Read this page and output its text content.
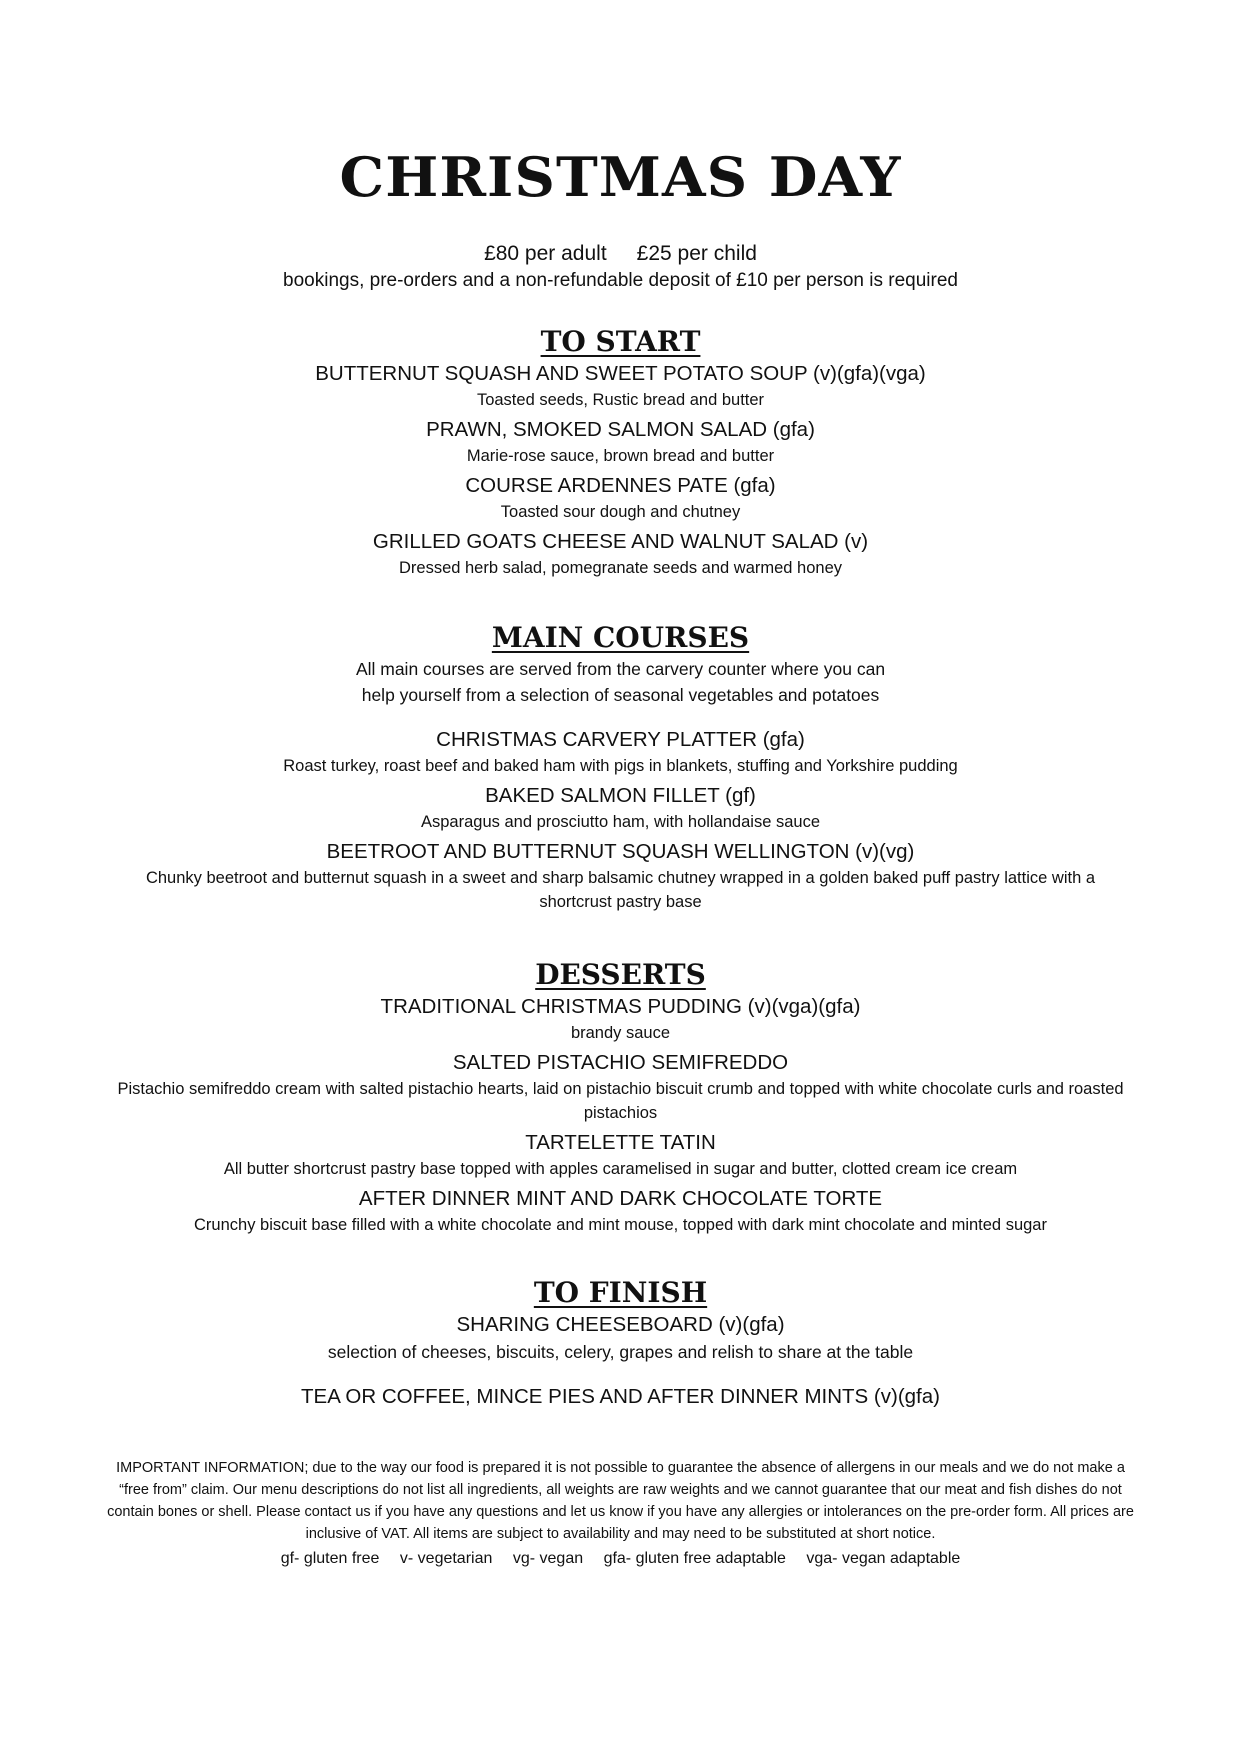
CHRISTMAS DAY
£80 per adult £25 per child
bookings, pre-orders and a non-refundable deposit of £10 per person is required
TO START

BUTTERNUT SQUASH AND SWEET POTATO SOUP (v)(gfa)(vga)

Toasted seeds, Rustic bread and butter

PRAWN, SMOKED SALMON SALAD (gfa)

Marie-rose sauce, brown bread and butter

COURSE ARDENNES PATE (gfa)

Toasted sour dough and chutney

GRILLED GOATS CHEESE AND WALNUT SALAD (v)

Dressed herb salad, pomegranate seeds and warmed honey

MAIN COURSES

All main courses are served from the carvery counter where you can

help yourself from a selection of seasonal vegetables and potatoes

CHRISTMAS CARVERY PLATTER (gfa)

Roast turkey, roast beef and baked ham with pigs in blankets, stuffing and Yorkshire pudding

BAKED SALMON FILLET (gf)

Asparagus and prosciutto ham, with hollandaise sauce

BEETROOT AND BUTTERNUT SQUASH WELLINGTON (v)(vg)

Chunky beetroot and butternut squash in a sweet and sharp balsamic chutney wrapped in a golden baked puff pastry lattice with a shortcrust pastry base

DESSERTS

TRADITIONAL CHRISTMAS PUDDING (v)(vga)(gfa)

brandy sauce

SALTED PISTACHIO SEMIFREDDO

Pistachio semifreddo cream with salted pistachio hearts, laid on pistachio biscuit crumb and topped with white chocolate curls and roasted pistachios

TARTELETTE TATIN

All butter shortcrust pastry base topped with apples caramelised in sugar and butter, clotted cream ice cream

AFTER DINNER MINT AND DARK CHOCOLATE TORTE

Crunchy biscuit base filled with a white chocolate and mint mouse, topped with dark mint chocolate and minted sugar

TO FINISH

SHARING CHEESEBOARD (v)(gfa)

selection of cheeses, biscuits, celery, grapes and relish to share at the table

TEA OR COFFEE, MINCE PIES AND AFTER DINNER MINTS (v)(gfa)

IMPORTANT INFORMATION; due to the way our food is prepared it is not possible to guarantee the absence of allergens in our meals and we do not make a “free from” claim. Our menu descriptions do not list all ingredients, all weights are raw weights and we cannot guarantee that our meat and fish dishes do not contain bones or shell. Please contact us if you have any questions and let us know if you have any allergies or intolerances on the pre-order form. All prices are inclusive of VAT. All items are subject to availability and may need to be substituted at short notice.

gf- gluten free v- vegetarian vg- vegan gfa- gluten free adaptable vga- vegan adaptable
